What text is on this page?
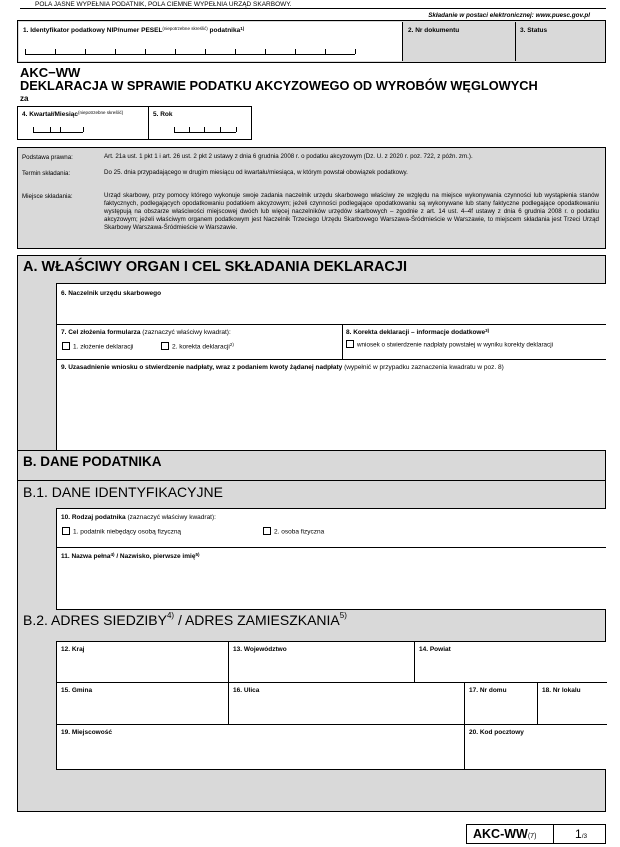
POLA JASNE WYPEŁNIA PODATNIK, POLA CIEMNE WYPEŁNIA URZĄD SKARBOWY.
Składanie w postaci elektronicznej: www.puesc.gov.pl
1. Identyfikator podatkowy NIP/numer $PESEL^{(niepotrzebne skreślić)}$ podatnika$^{1)}$	2. Nr dokumentu	3. Status
AKC−WW
DEKLARACJA W SPRAWIE PODATKU AKCYZOWEGO OD WYROBÓW WĘGLOWYCH
za
4. Kwartał/Miesiąc$^{(niepotrzebne skreślić)}$	5. Rok
Podstawa prawna:	Art. 21a ust. 1 pkt 1 i art. 26 ust. 2 pkt 2 ustawy z dnia 6 grudnia 2008 r. o podatku akcyzowym (Dz. U. z 2020 r. poz. 722, z późn. zm.).
Termin składania:	Do 25. dnia przypadającego w drugim miesiącu od kwartału/miesiąca, w którym powstał obowiązek podatkowy.
Miejsce składania:	Urząd skarbowy, przy pomocy którego wykonuje swoje zadania naczelnik urzędu skarbowego właściwy ze względu na miejsce wykonywania czynności lub wystąpienia stanów faktycznych, podlegających opodatkowaniu podatkiem akcyzowym; jeżeli czynności podlegające opodatkowaniu są wykonywane lub stany faktyczne podlegające opodatkowaniu występują na obszarze właściwości miejscowej dwóch lub więcej naczelników urzędów skarbowych – zgodnie z art. 14 ust. 4–4f ustawy z dnia 6 grudnia 2008 r. o podatku akcyzowym; jeżeli właściwym organem podatkowym jest Naczelnik Trzeciego Urzędu Skarbowego Warszawa-Śródmieście w Warszawie, to miejscem składania jest Trzeci Urząd Skarbowy Warszawa-Śródmieście w Warszawie.
A. WŁAŚCIWY ORGAN I CEL SKŁADANIA DEKLARACJI
6. Naczelnik urzędu skarbowego
7. Cel złożenia formularza (zaznaczyć właściwy kwadrat):
1. złożenie deklaracji	2. korekta deklaracji$^{2)}$
8. Korekta deklaracji – informacje dodatkowe$^{3)}$
wniosek o stwierdzenie nadpłaty powstałej w wyniku korekty deklaracji
9. Uzasadnienie wniosku o stwierdzenie nadpłaty, wraz z podaniem kwoty żądanej nadpłaty (wypełnić w przypadku zaznaczenia kwadratu w poz. 8)
B. DANE PODATNIKA
B.1. DANE IDENTYFIKACYJNE
10. Rodzaj podatnika (zaznaczyć właściwy kwadrat):
1. podatnik niebędący osobą fizyczną	2. osoba fizyczna
11. Nazwa pełna$^{4)}$ / Nazwisko, pierwsze imię$^{5)}$
B.2. ADRES SIEDZIBY$^{4)}$ / ADRES ZAMIESZKANIA$^{5)}$
12. Kraj	13. Województwo	14. Powiat
15. Gmina	16. Ulica	17. Nr domu	18. Nr lokalu
19. Miejscowość	20. Kod pocztowy
AKC-WW(7)	1/3
